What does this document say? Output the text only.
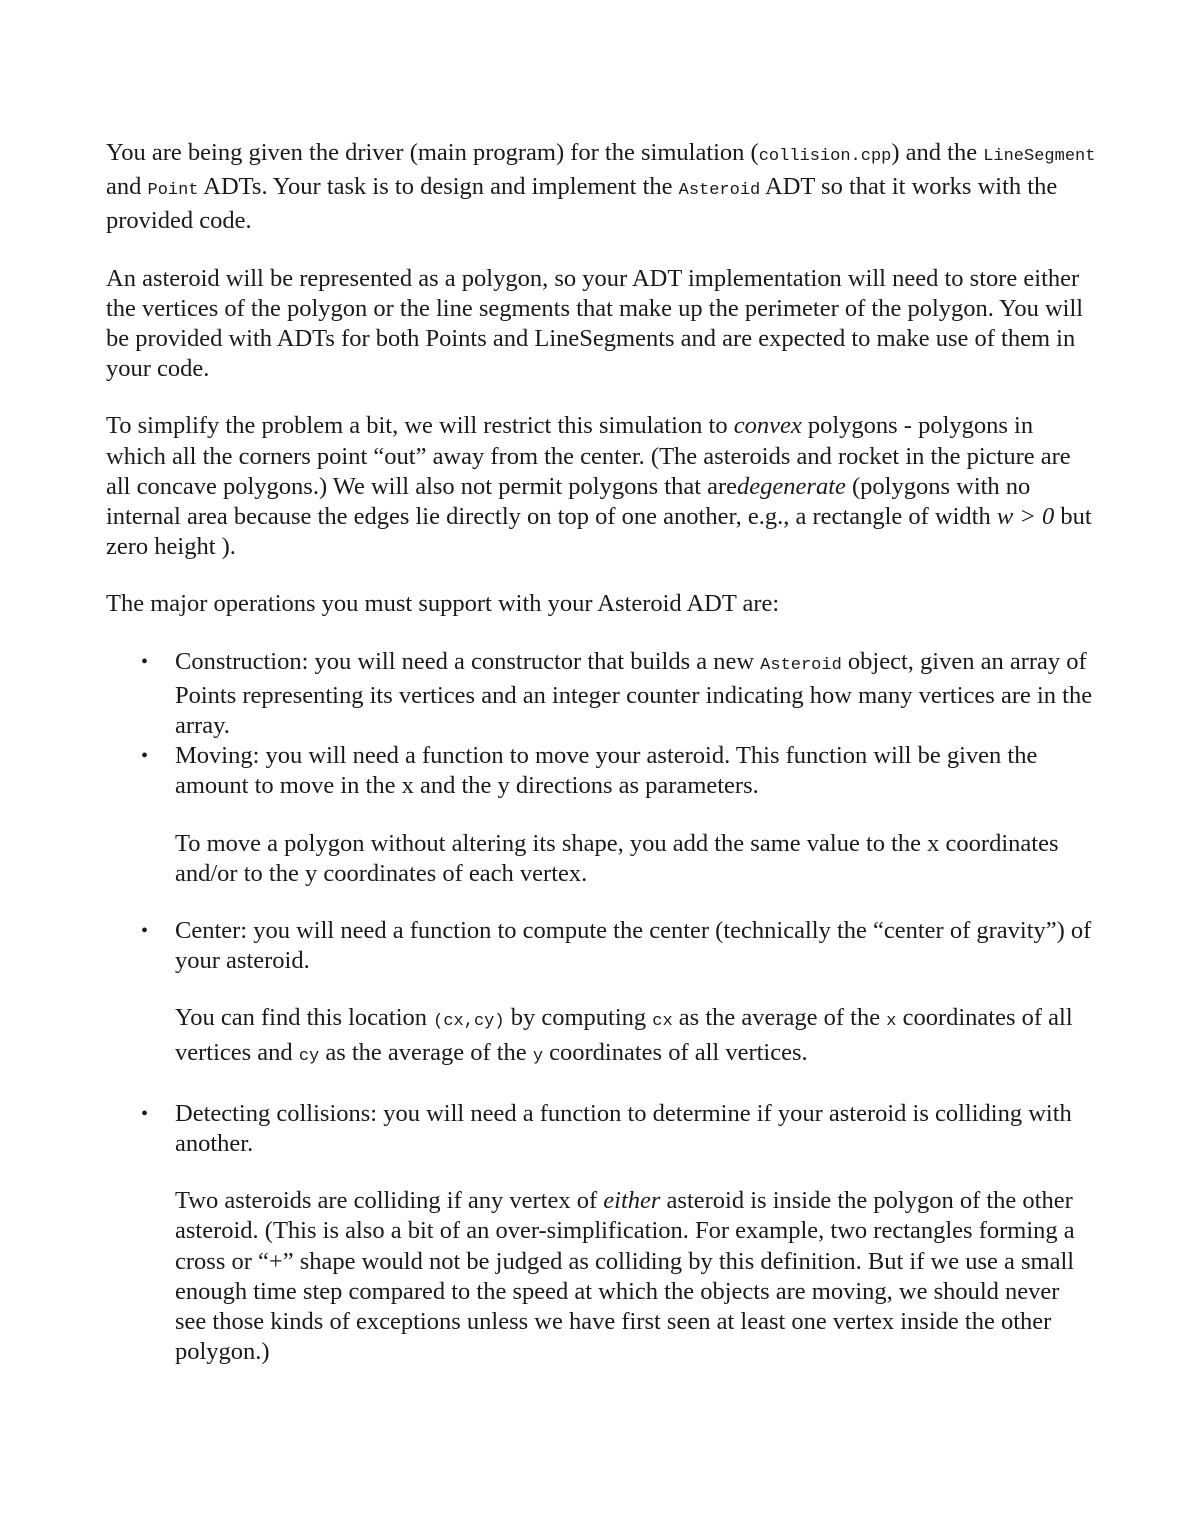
You are being given the driver (main program) for the simulation (collision.cpp) and the LineSegment and Point ADTs. Your task is to design and implement the Asteroid ADT so that it works with the provided code.

An asteroid will be represented as a polygon, so your ADT implementation will need to store either the vertices of the polygon or the line segments that make up the perimeter of the polygon. You will be provided with ADTs for both Points and LineSegments and are expected to make use of them in your code.

To simplify the problem a bit, we will restrict this simulation to convex polygons - polygons in which all the corners point “out” away from the center. (The asteroids and rocket in the picture are all concave polygons.) We will also not permit polygons that aredegenerate (polygons with no internal area because the edges lie directly on top of one another, e.g., a rectangle of width w > 0 but zero height ).

The major operations you must support with your Asteroid ADT are:

• Construction: you will need a constructor that builds a new Asteroid object, given an array of Points representing its vertices and an integer counter indicating how many vertices are in the array.

• Moving: you will need a function to move your asteroid. This function will be given the amount to move in the x and the y directions as parameters.

To move a polygon without altering its shape, you add the same value to the x coordinates and/or to the y coordinates of each vertex.

• Center: you will need a function to compute the center (technically the “center of gravity”) of your asteroid.

You can find this location (cx,cy) by computing cx as the average of the x coordinates of all vertices and cy as the average of the y coordinates of all vertices.

• Detecting collisions: you will need a function to determine if your asteroid is colliding with another.

Two asteroids are colliding if any vertex of either asteroid is inside the polygon of the other asteroid. (This is also a bit of an over-simplification. For example, two rectangles forming a cross or “+” shape would not be judged as colliding by this definition. But if we use a small enough time step compared to the speed at which the objects are moving, we should never see those kinds of exceptions unless we have first seen at least one vertex inside the other polygon.)
